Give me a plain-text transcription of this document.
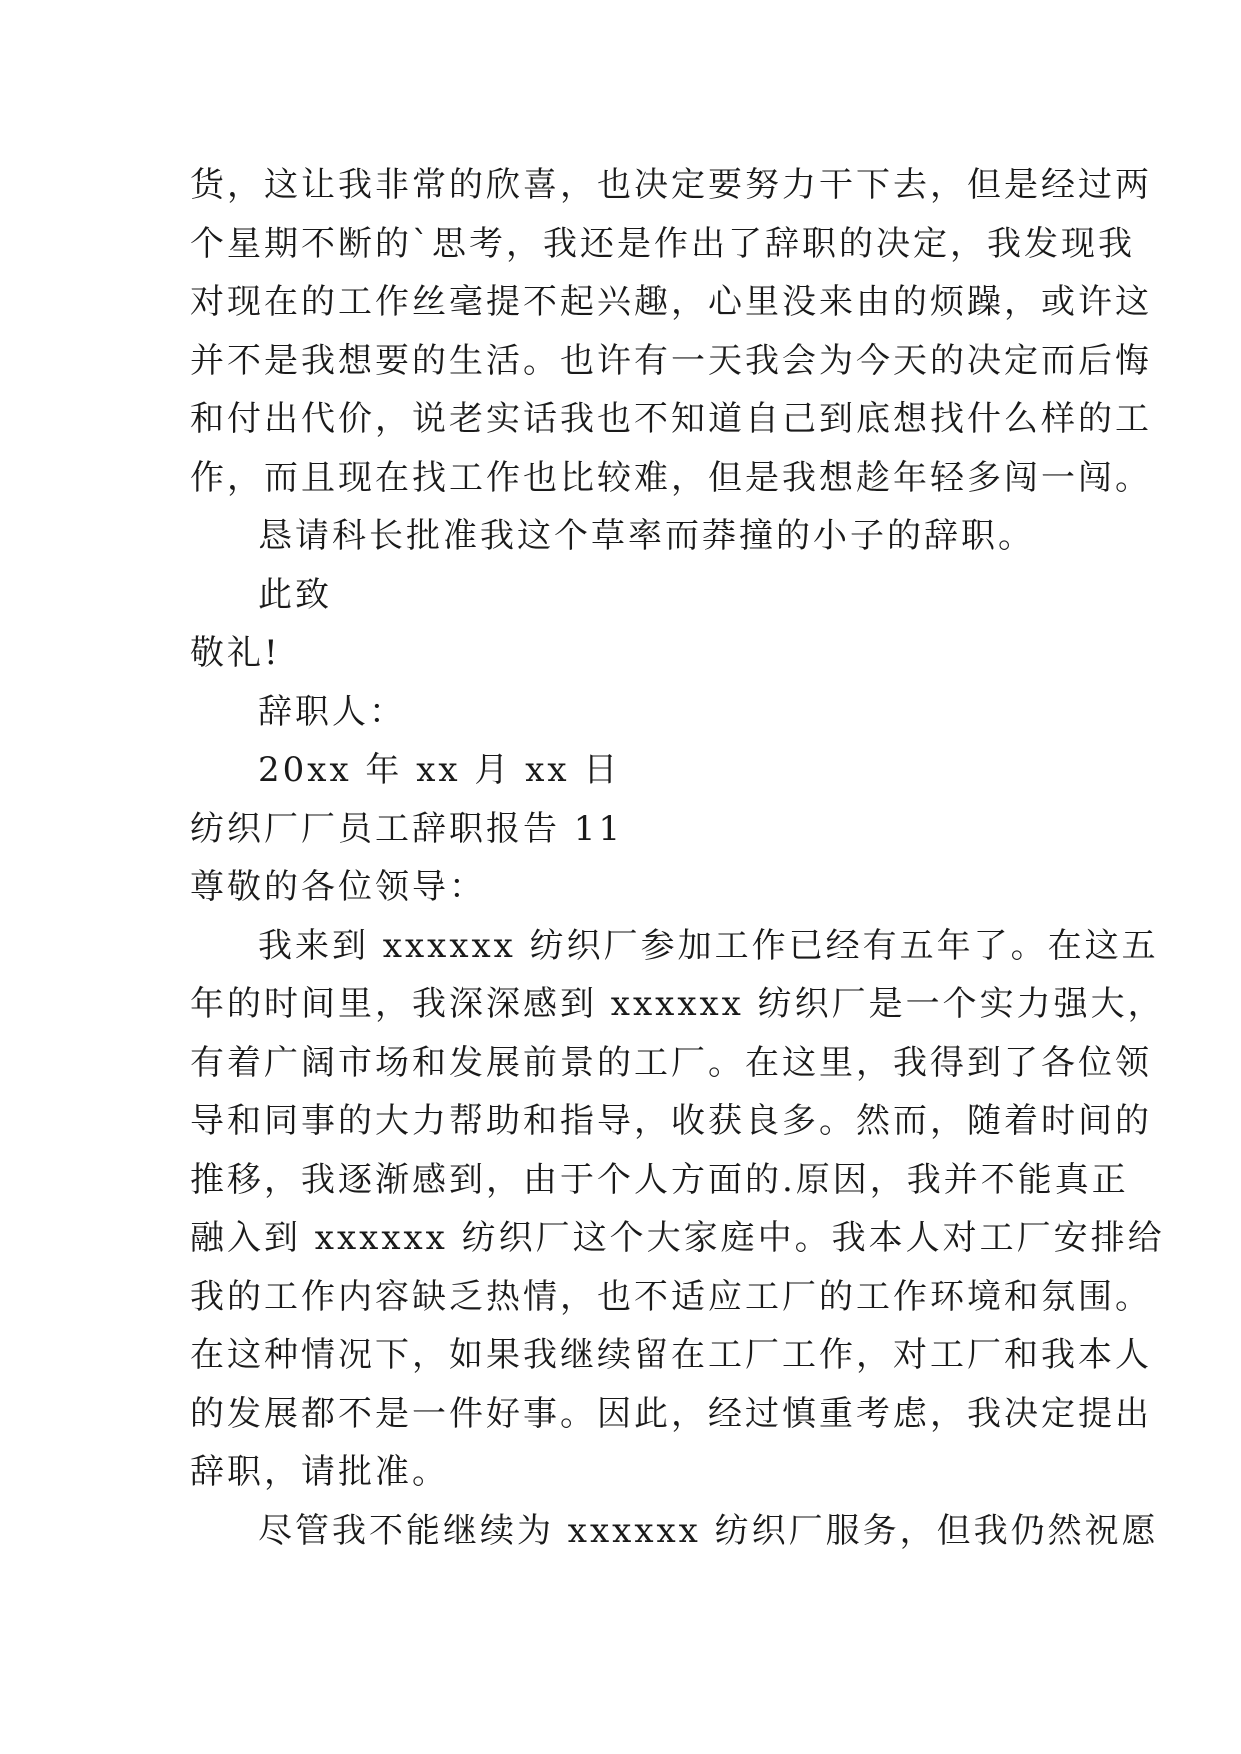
货，这让我非常的欣喜，也决定要努力干下去，但是经过两
个星期不断的`思考，我还是作出了辞职的决定，我发现我
对现在的工作丝毫提不起兴趣，心里没来由的烦躁，或许这
并不是我想要的生活。也许有一天我会为今天的决定而后悔
和付出代价，说老实话我也不知道自己到底想找什么样的工
作，而且现在找工作也比较难，但是我想趁年轻多闯一闯。
恳请科长批准我这个草率而莽撞的小子的辞职。
此致
敬礼!
辞职人：
20xx 年 xx 月 xx 日
纺织厂厂员工辞职报告 11
尊敬的各位领导：
我来到 xxxxxx 纺织厂参加工作已经有五年了。在这五
年的时间里，我深深感到 xxxxxx 纺织厂是一个实力强大，
有着广阔市场和发展前景的工厂。在这里，我得到了各位领
导和同事的大力帮助和指导，收获良多。然而，随着时间的
推移，我逐渐感到，由于个人方面的.原因，我并不能真正
融入到 xxxxxx 纺织厂这个大家庭中。我本人对工厂安排给
我的工作内容缺乏热情，也不适应工厂的工作环境和氛围。
在这种情况下，如果我继续留在工厂工作，对工厂和我本人
的发展都不是一件好事。因此，经过慎重考虑，我决定提出
辞职，请批准。
尽管我不能继续为 xxxxxx 纺织厂服务，但我仍然祝愿
